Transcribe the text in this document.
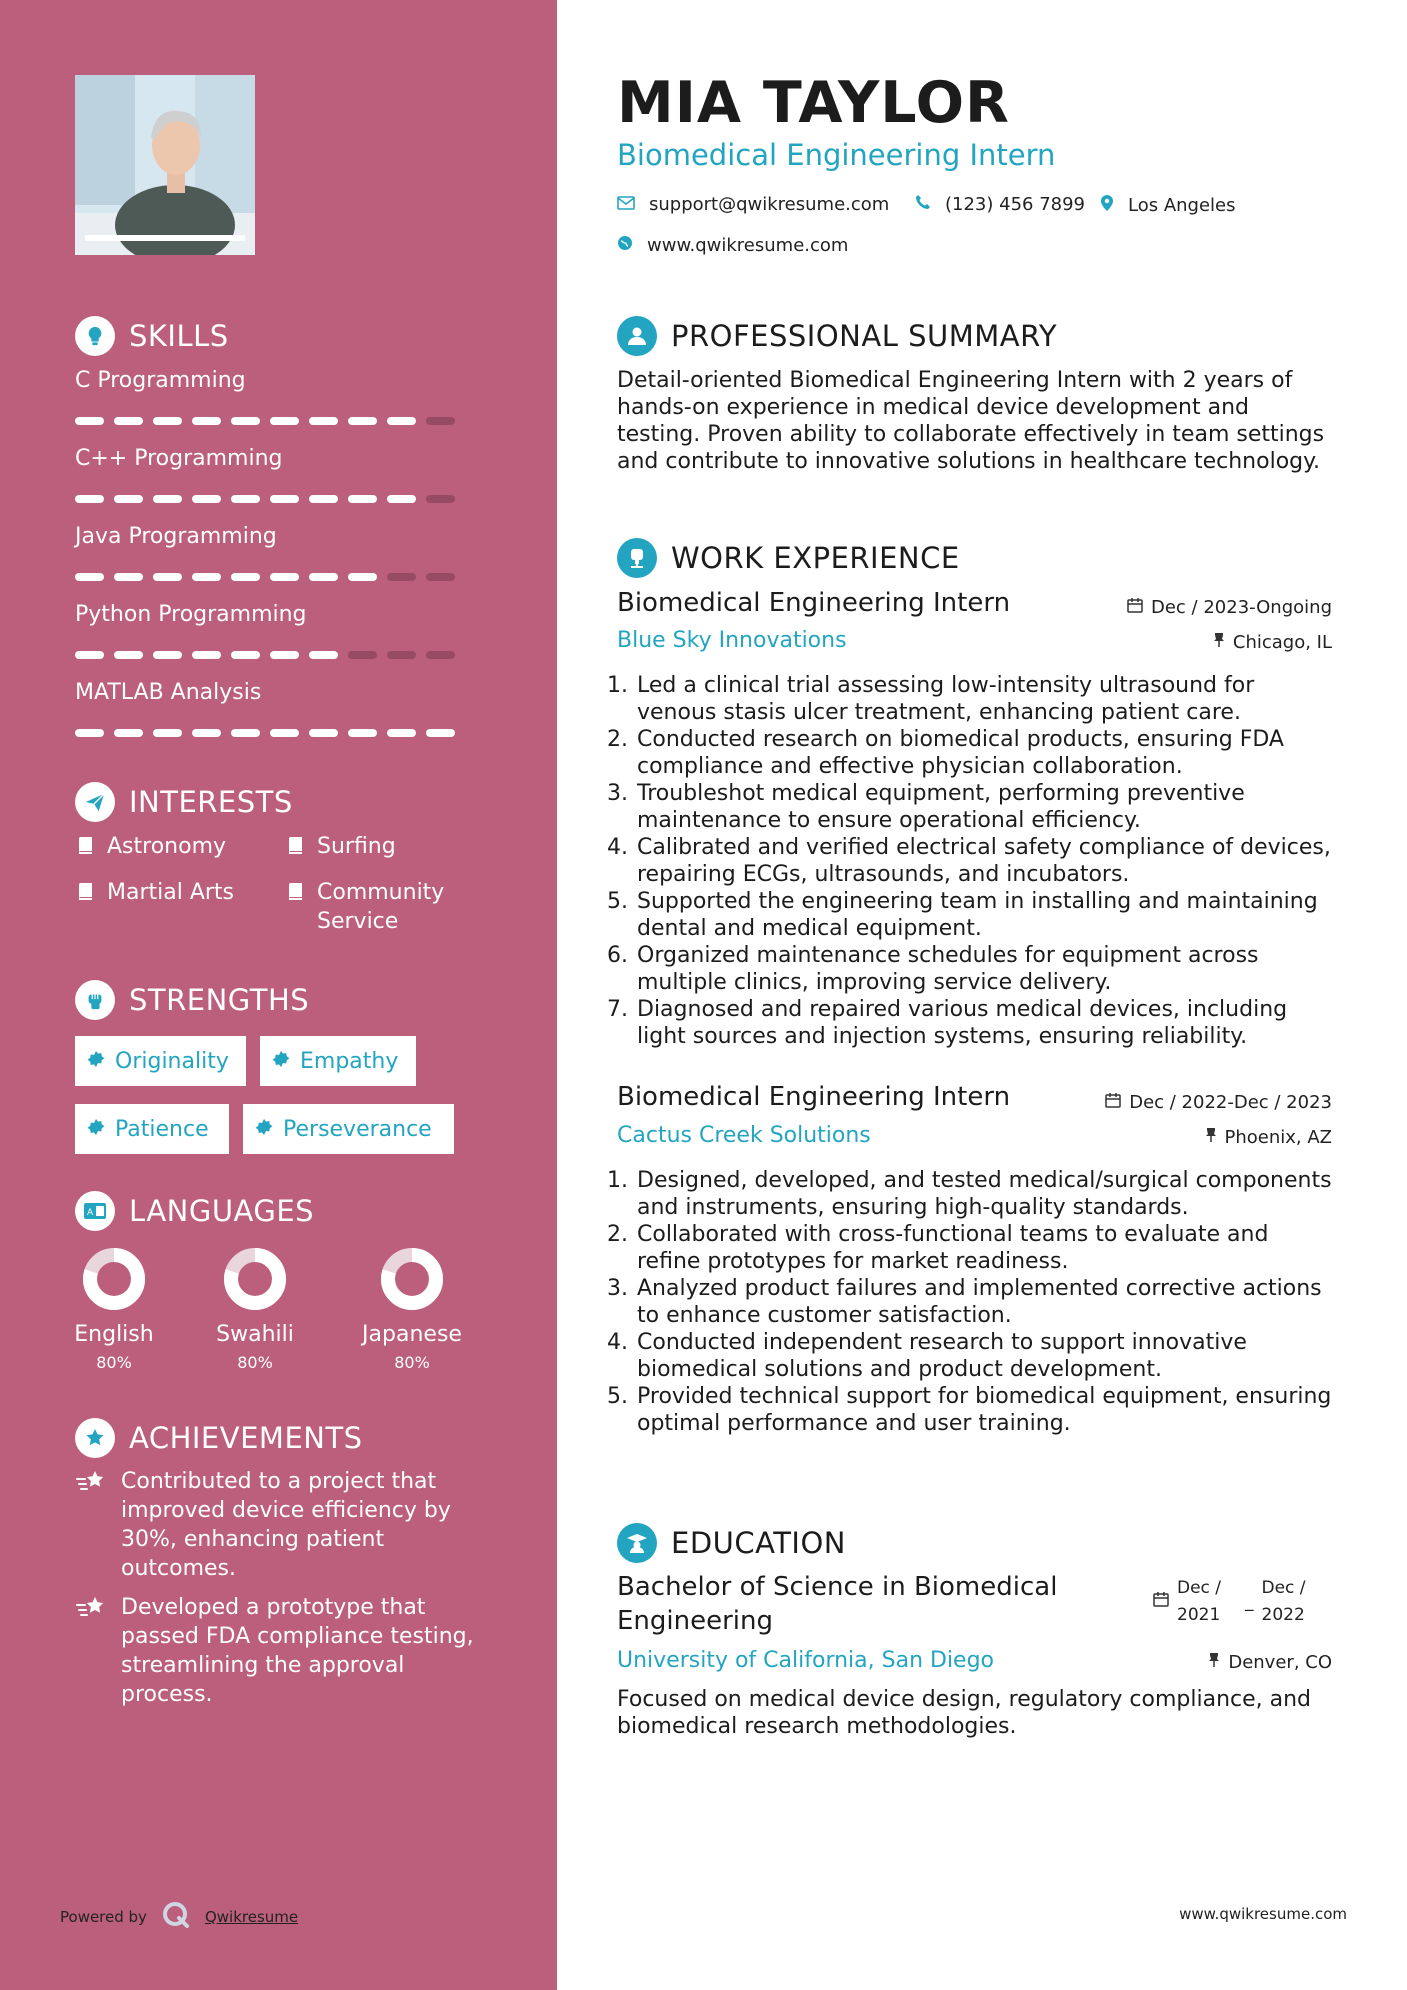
SKILLS
C Programming
C++ Programming
Java Programming
Python Programming
MATLAB Analysis
INTERESTS
Astronomy	Surfing
Martial Arts	Community Service
STRENGTHS
Originality	Empathy
Patience	Perseverance
A LANGUAGES
English
80%
Swahili
80%
Japanese
80%
ACHIEVEMENTS
Contributed to a project that improved device efficiency by 30%, enhancing patient outcomes.
Developed a prototype that passed FDA compliance testing, streamlining the approval process.
Powered by	Qwikresume
MIA TAYLOR
Biomedical Engineering Intern
support@qwikresume.com	(123) 456 7899 Los Angeles
www.qwikresume.com
PROFESSIONAL SUMMARY
Detail-oriented Biomedical Engineering Intern with 2 years of hands-on experience in medical device development and testing. Proven ability to collaborate effectively in team settings and contribute to innovative solutions in healthcare technology.
WORK EXPERIENCE
Biomedical Engineering Intern	Dec / 2023-Ongoing
Blue Sky Innovations	Chicago, IL
1. Led a clinical trial assessing low-intensity ultrasound for venous stasis ulcer treatment, enhancing patient care.
2. Conducted research on biomedical products, ensuring FDA compliance and effective physician collaboration.
3. Troubleshot medical equipment, performing preventive maintenance to ensure operational efficiency.
4. Calibrated and verified electrical safety compliance of devices, repairing ECGs, ultrasounds, and incubators.
5. Supported the engineering team in installing and maintaining dental and medical equipment.
6. Organized maintenance schedules for equipment across multiple clinics, improving service delivery.
7. Diagnosed and repaired various medical devices, including light sources and injection systems, ensuring reliability.
Biomedical Engineering Intern	Dec / 2022-Dec / 2023
Cactus Creek Solutions	Phoenix, AZ
1. Designed, developed, and tested medical/surgical components and instruments, ensuring high-quality standards.
2. Collaborated with cross-functional teams to evaluate and refine prototypes for market readiness.
3. Analyzed product failures and implemented corrective actions to enhance customer satisfaction.
4. Conducted independent research to support innovative biomedical solutions and product development.
5. Provided technical support for biomedical equipment, ensuring optimal performance and user training.
EDUCATION
Bachelor of Science in Biomedical Engineering
Dec / 2021
_
Dec / 2022
University of California, San Diego	Denver, CO
Focused on medical device design, regulatory compliance, and biomedical research methodologies.
www.qwikresume.com
